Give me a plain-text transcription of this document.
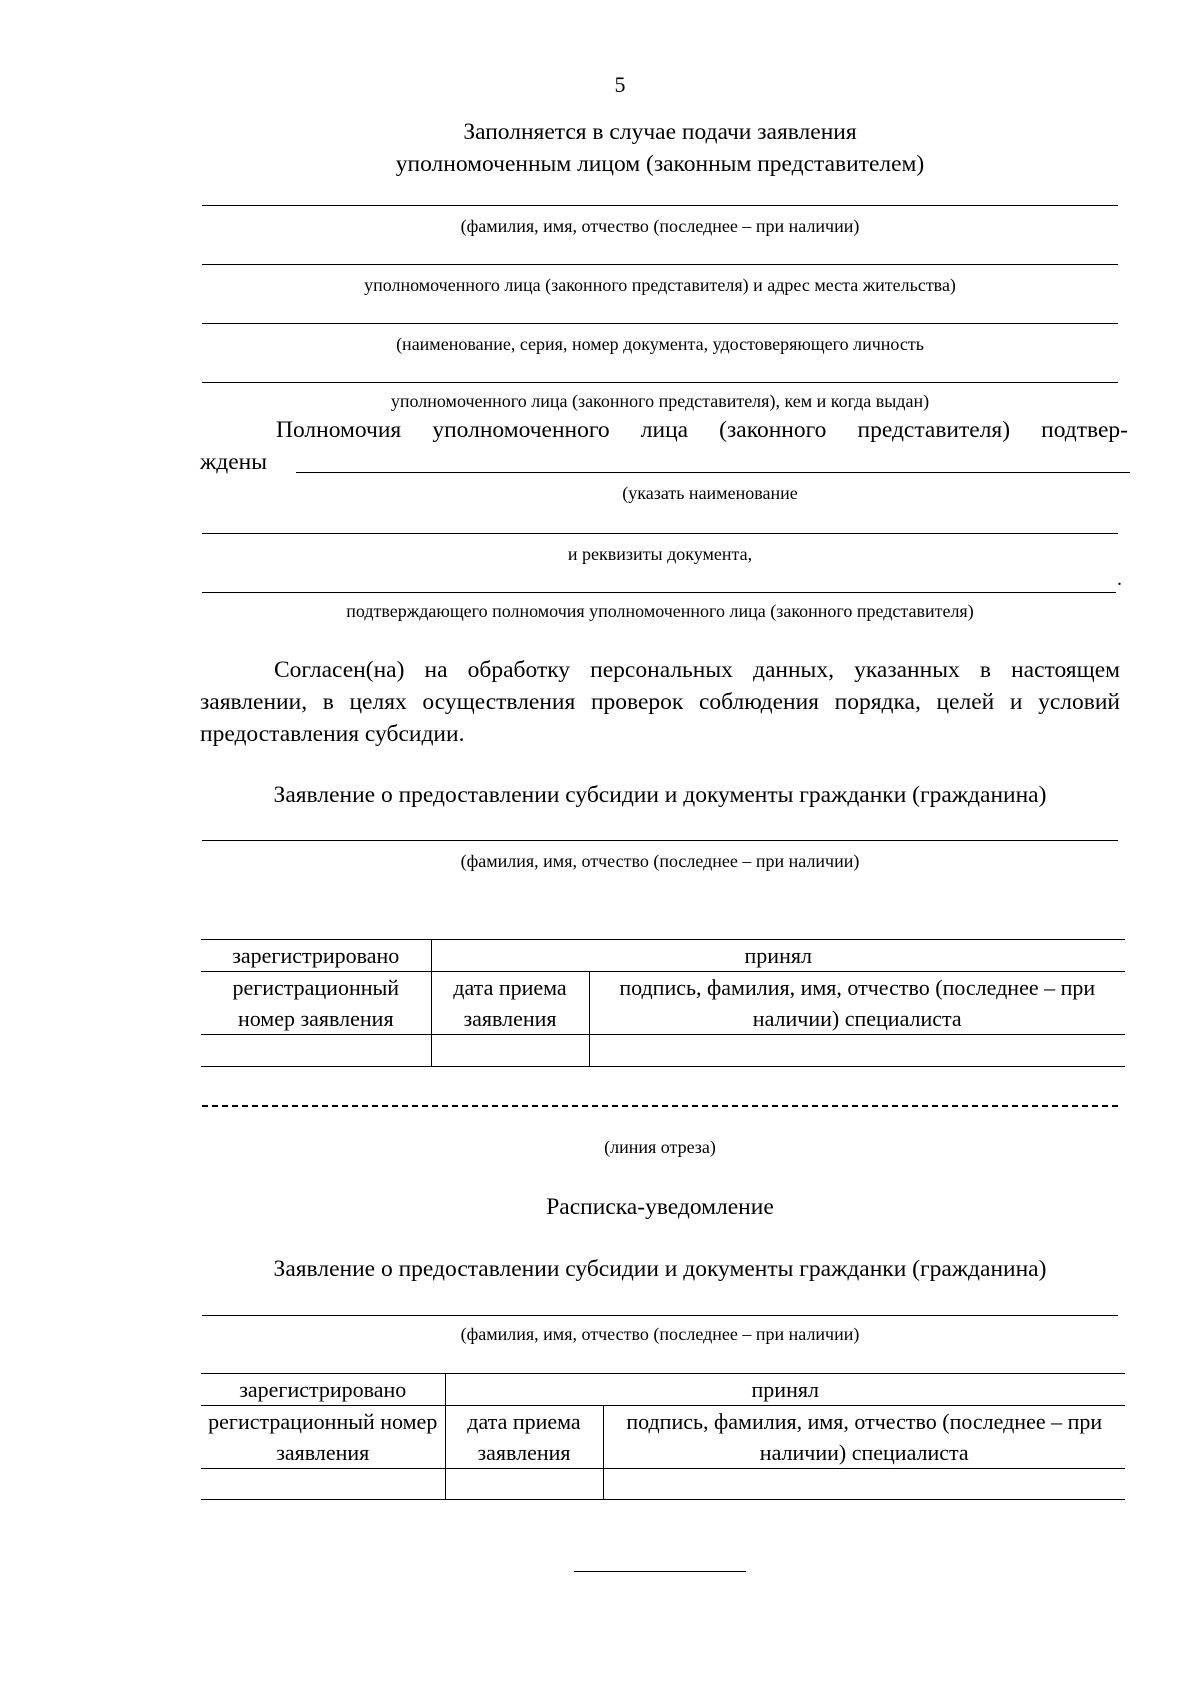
5
Заполняется в случае подачи заявления
уполномоченным лицом (законным представителем)
(фамилия, имя, отчество (последнее – при наличии)
уполномоченного лица (законного представителя) и адрес места жительства)
(наименование, серия, номер документа, удостоверяющего личность
уполномоченного лица (законного представителя), кем и когда выдан)
Полномочия уполномоченного лица (законного представителя) подтвер-
ждены
(указать наименование
и реквизиты документа,
.
подтверждающего полномочия уполномоченного лица (законного представителя)
Согласен(на) на обработку персональных данных, указанных в настоящем заявлении, в целях осуществления проверок соблюдения порядка, целей и условий предоставления субсидии.
Заявление о предоставлении субсидии и документы гражданки (гражданина)
(фамилия, имя, отчество (последнее – при наличии)
зарегистрировано	принял	
регистрационный номер заявления	дата приема заявления	подпись, фамилия, имя, отчество (последнее – при наличии) специалиста

(линия отреза)
Расписка-уведомление
Заявление о предоставлении субсидии и документы гражданки (гражданина)
(фамилия, имя, отчество (последнее – при наличии)
зарегистрировано	принял	
регистрационный номер заявления	дата приема заявления	подпись, фамилия, имя, отчество (последнее – при наличии) специалиста
